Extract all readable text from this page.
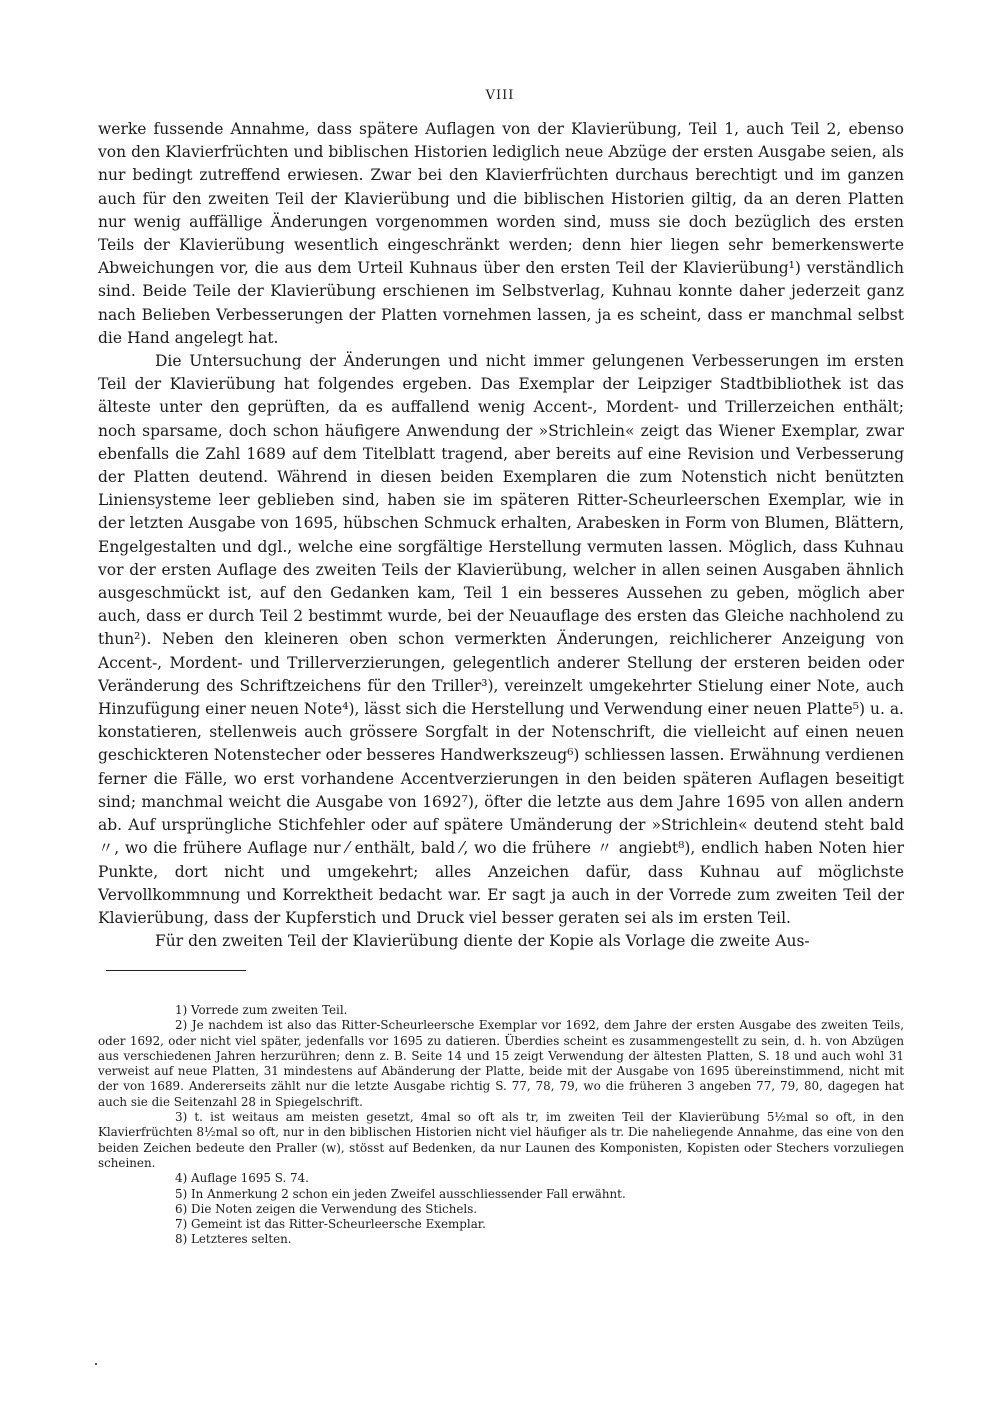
VIII

werke fussende Annahme, dass spätere Auflagen von der Klavierübung, Teil 1, auch Teil 2, ebenso von den Klavierfrüchten und biblischen Historien lediglich neue Abzüge der ersten Ausgabe seien, als nur bedingt zutreffend erwiesen. Zwar bei den Klavierfrüchten durchaus berechtigt und im ganzen auch für den zweiten Teil der Klavierübung und die biblischen Historien giltig, da an deren Platten nur wenig auffällige Änderungen vorgenommen worden sind, muss sie doch bezüglich des ersten Teils der Klavierübung wesentlich eingeschränkt werden; denn hier liegen sehr bemerkenswerte Abweichungen vor, die aus dem Urteil Kuhnaus über den ersten Teil der Klavierübung¹) verständlich sind. Beide Teile der Klavierübung erschienen im Selbstverlag, Kuhnau konnte daher jederzeit ganz nach Belieben Verbesserungen der Platten vornehmen lassen, ja es scheint, dass er manchmal selbst die Hand angelegt hat.

Die Untersuchung der Änderungen und nicht immer gelungenen Verbesserungen im ersten Teil der Klavierübung hat folgendes ergeben. Das Exemplar der Leipziger Stadtbibliothek ist das älteste unter den geprüften, da es auffallend wenig Accent-, Mordent- und Trillerzeichen enthält; noch sparsame, doch schon häufigere Anwendung der »Strichlein« zeigt das Wiener Exemplar, zwar ebenfalls die Zahl 1689 auf dem Titelblatt tragend, aber bereits auf eine Revision und Verbesserung der Platten deutend. Während in diesen beiden Exemplaren die zum Notenstich nicht benützten Liniensysteme leer geblieben sind, haben sie im späteren Ritter-Scheurleerschen Exemplar, wie in der letzten Ausgabe von 1695, hübschen Schmuck erhalten, Arabesken in Form von Blumen, Blättern, Engelgestalten und dgl., welche eine sorgfältige Herstellung vermuten lassen. Möglich, dass Kuhnau vor der ersten Auflage des zweiten Teils der Klavierübung, welcher in allen seinen Ausgaben ähnlich ausgeschmückt ist, auf den Gedanken kam, Teil 1 ein besseres Aussehen zu geben, möglich aber auch, dass er durch Teil 2 bestimmt wurde, bei der Neuauflage des ersten das Gleiche nachholend zu thun²). Neben den kleineren oben schon vermerkten Änderungen, reichlicherer Anzeigung von Accent-, Mordent- und Trillerverzierungen, gelegentlich anderer Stellung der ersteren beiden oder Veränderung des Schriftzeichens für den Triller³), vereinzelt umgekehrter Stielung einer Note, auch Hinzufügung einer neuen Note⁴), lässt sich die Herstellung und Verwendung einer neuen Platte⁵) u. a. konstatieren, stellenweis auch grössere Sorgfalt in der Notenschrift, die vielleicht auf einen neuen geschickteren Notenstecher oder besseres Handwerkszeug⁶) schliessen lassen. Erwähnung verdienen ferner die Fälle, wo erst vorhandene Accentverzierungen in den beiden späteren Auflagen beseitigt sind; manchmal weicht die Ausgabe von 1692⁷), öfter die letzte aus dem Jahre 1695 von allen andern ab. Auf ursprüngliche Stichfehler oder auf spätere Umänderung der »Strichlein« deutend steht bald 〃, wo die frühere Auflage nur ⁄ enthält, bald ⁄, wo die frühere 〃 angiebt⁸), endlich haben Noten hier Punkte, dort nicht und umgekehrt; alles Anzeichen dafür, dass Kuhnau auf möglichste Vervollkommnung und Korrektheit bedacht war. Er sagt ja auch in der Vorrede zum zweiten Teil der Klavierübung, dass der Kupferstich und Druck viel besser geraten sei als im ersten Teil.

Für den zweiten Teil der Klavierübung diente der Kopie als Vorlage die zweite Aus-

1) Vorrede zum zweiten Teil.

2) Je nachdem ist also das Ritter-Scheurleersche Exemplar vor 1692, dem Jahre der ersten Ausgabe des zweiten Teils, oder 1692, oder nicht viel später, jedenfalls vor 1695 zu datieren. Überdies scheint es zusammengestellt zu sein, d. h. von Abzügen aus verschiedenen Jahren herzurühren; denn z. B. Seite 14 und 15 zeigt Verwendung der ältesten Platten, S. 18 und auch wohl 31 verweist auf neue Platten, 31 mindestens auf Abänderung der Platte, beide mit der Ausgabe von 1695 übereinstimmend, nicht mit der von 1689. Andererseits zählt nur die letzte Ausgabe richtig S. 77, 78, 79, wo die früheren 3 angeben 77, 79, 80, dagegen hat auch sie die Seitenzahl 28 in Spiegelschrift.

3) t. ist weitaus am meisten gesetzt, 4mal so oft als tr, im zweiten Teil der Klavierübung 5½mal so oft, in den Klavierfrüchten 8½mal so oft, nur in den biblischen Historien nicht viel häufiger als tr. Die naheliegende Annahme, das eine von den beiden Zeichen bedeute den Praller (w), stösst auf Bedenken, da nur Launen des Komponisten, Kopisten oder Stechers vorzuliegen scheinen.

4) Auflage 1695 S. 74.

5) In Anmerkung 2 schon ein jeden Zweifel ausschliessender Fall erwähnt.

6) Die Noten zeigen die Verwendung des Stichels.

7) Gemeint ist das Ritter-Scheurleersche Exemplar.

8) Letzteres selten.
